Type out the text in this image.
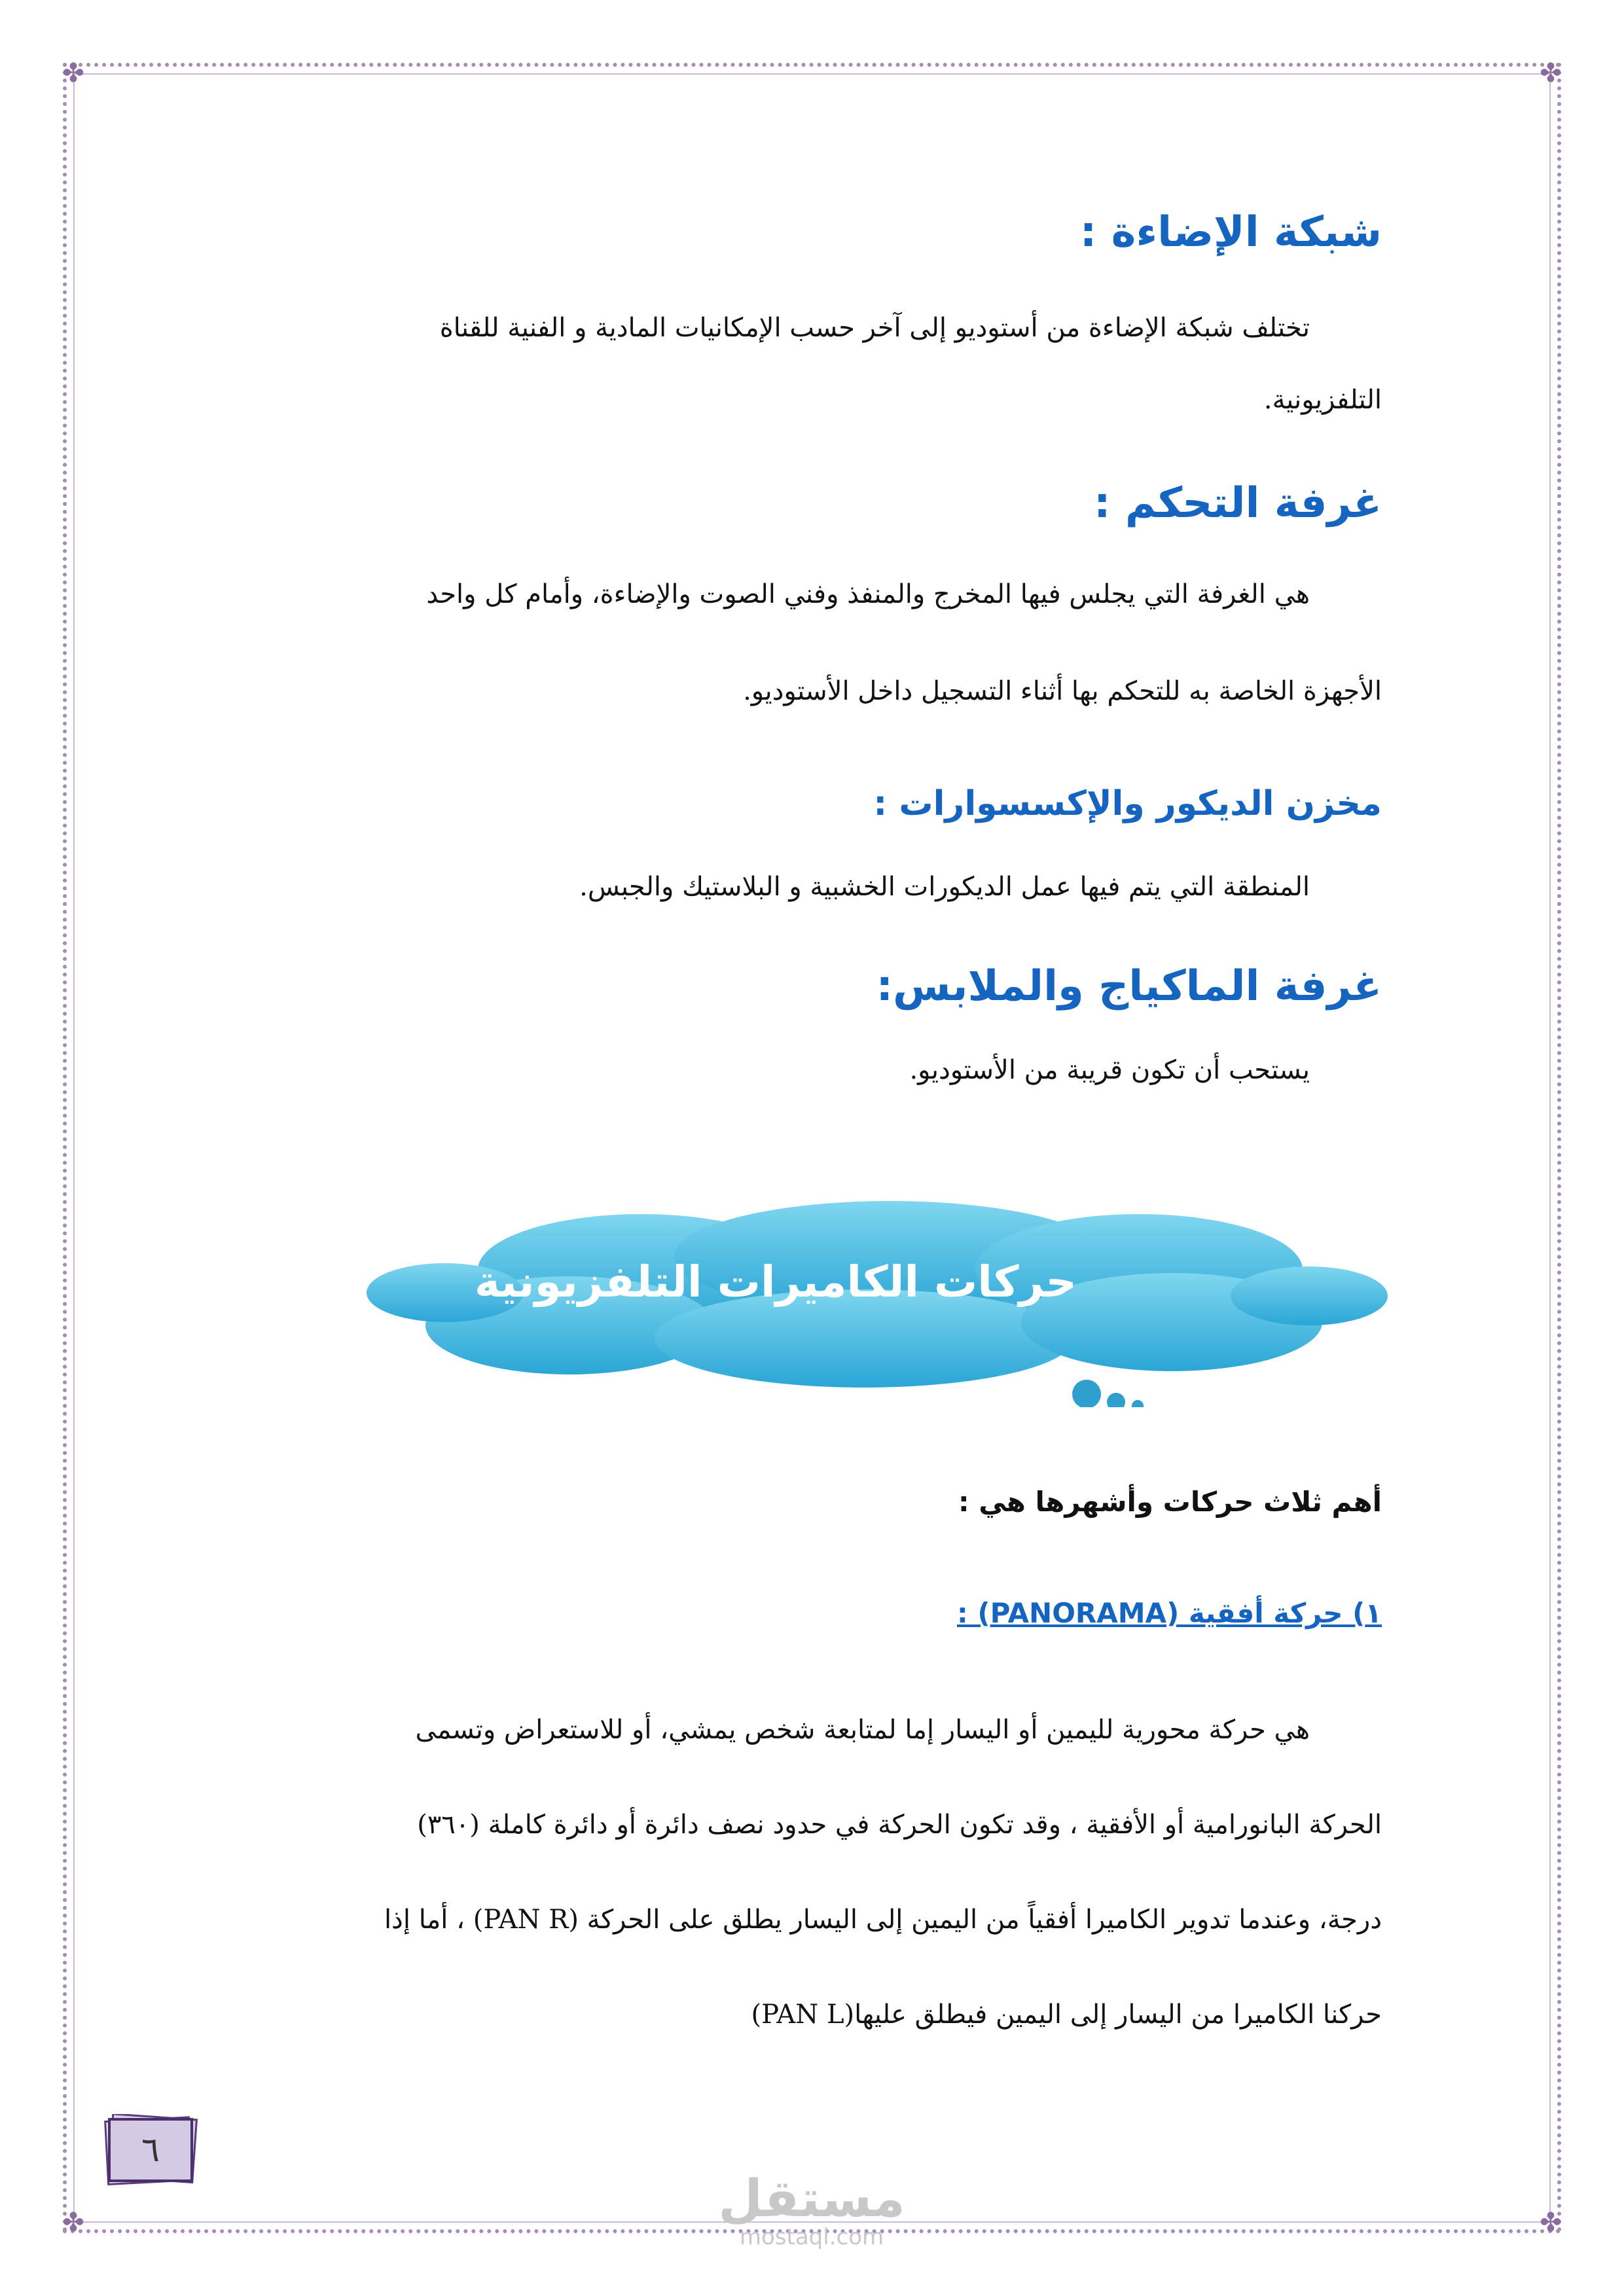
✤	✤
✤	✤
شبكة الإضاءة :

تختلف شبكة الإضاءة من أستوديو إلى آخر حسب الإمكانيات المادية و الفنية للقناة

التلفزيونية.

غرفة التحكم :

هي الغرفة التي يجلس فيها المخرج والمنفذ وفني الصوت والإضاءة، وأمام كل واحد

الأجهزة الخاصة به للتحكم بها أثناء التسجيل داخل الأستوديو.

مخزن الديكور والإكسسوارات :

المنطقة التي يتم فيها عمل الديكورات الخشبية و البلاستيك والجبس.

غرفة الماكياج والملابس:

يستحب أن تكون قريبة من الأستوديو.

حركات الكاميرات التلفزيونية

أهم ثلاث حركات وأشهرها هي :

١) حركة أفقية (PANORAMA) :

هي حركة محورية لليمين أو اليسار إما لمتابعة شخص يمشي، أو للاستعراض وتسمى

الحركة البانورامية أو الأفقية ، وقد تكون الحركة في حدود نصف دائرة أو دائرة كاملة (٣٦٠)

درجة، وعندما تدوير الكاميرا أفقياً من اليمين إلى اليسار يطلق على الحركة (PAN R) ، أما إذا

حركنا الكاميرا من اليسار إلى اليمين فيطلق عليها(PAN L)

٦
مستقل
mostaql.com
